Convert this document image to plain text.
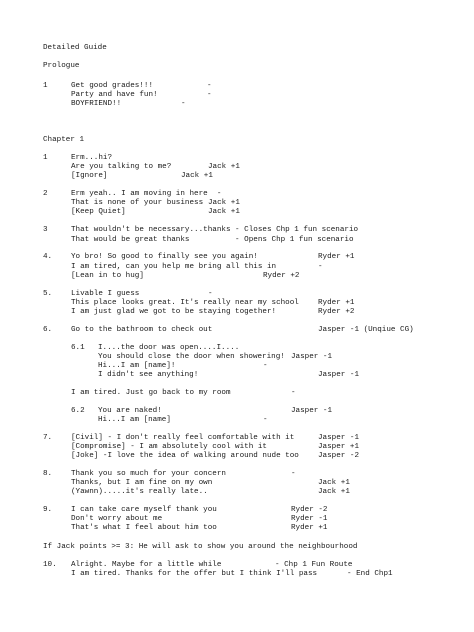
Detailed Guide
Prologue
1	Get good grades!!!	-
Party and have fun!	-
BOYFRIEND!!	-
Chapter 1
1	Erm...hi?
Are you talking to me?	Jack +1
[Ignore]	Jack +1
2	Erm yeah.. I am moving in here  -
That is none of your business Jack +1
[Keep Quiet]	Jack +1
3	That wouldn't be necessary...thanks - Closes Chp 1 fun scenario
That would be great thanks          - Opens Chp 1 fun scenario
4. Yo bro! So good to finally see you again!	Ryder +1
I am tired, can you help me bring all this in	-
[Lean in to hug]	Ryder +2
5. Livable I guess	-
This place looks great. It's really near my school	Ryder +1
I am just glad we got to be staying together!	Ryder +2
6. Go to the bathroom to check out	Jasper -1 (Unqiue CG)
6.1 I....the door was open....I....
You should close the door when showering! Jasper -1
Hi...I am [name]!	-
I didn't see anything!	Jasper -1
I am tired. Just go back to my room	-
6.2 You are naked!	Jasper -1
Hi...I am [name]	-
7. [Civil] - I don't really feel comfortable with it	Jasper -1
[Compromise] - I am absolutely cool with it	Jasper +1
[Joke] -I love the idea of walking around nude too	Jasper -2
8. Thank you so much for your concern	-
Thanks, but I am fine on my own	Jack +1
(Yawnn).....it's really late..	Jack +1
9. I can take care myself thank you	Ryder -2
Don't worry about me	Ryder -1
That's what I feel about him too	Ryder +1
If Jack points >= 3: He will ask to show you around the neighbourhood
10. Alright. Maybe for a little while	- Chp 1 Fun Route
I am tired. Thanks for the offer but I think I'll pass	- End Chp1
